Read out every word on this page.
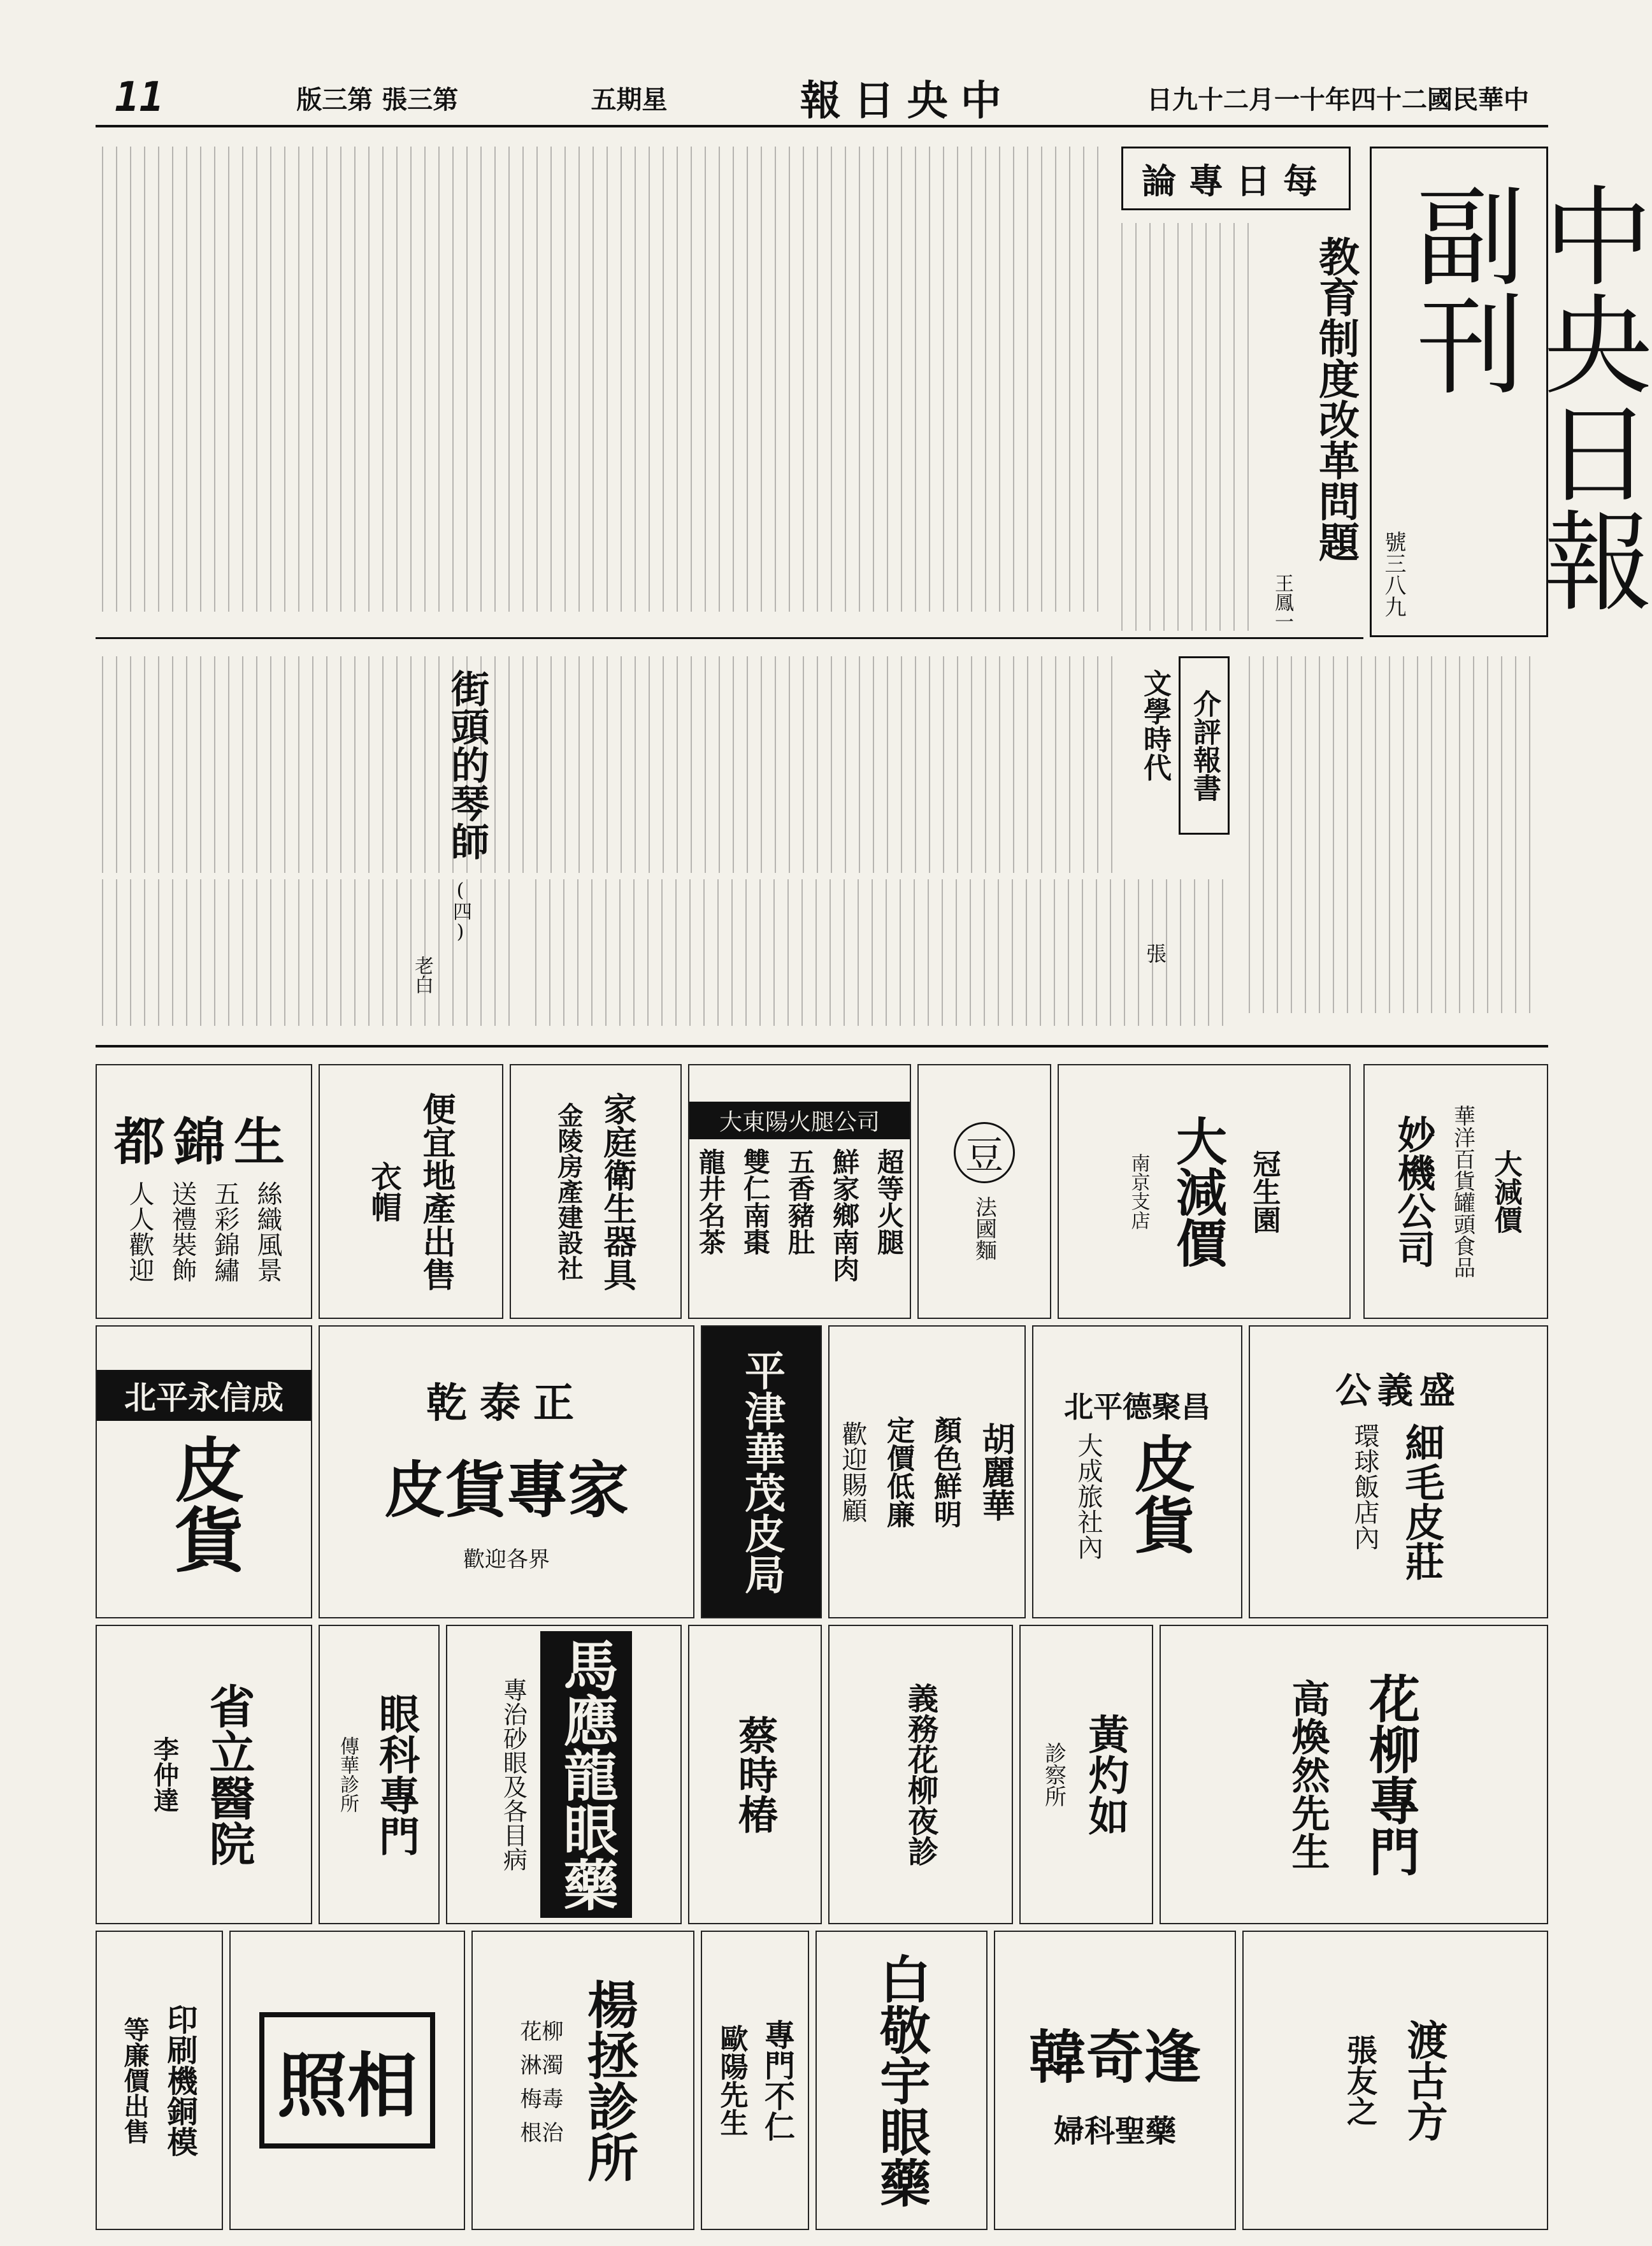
11	版三第 張三第	五期星	報日央中	日九十二月一十年四十二國民華中
中央日報副刊
號三八九
論專日每
教育制度改革問題
王鳳一
介評報書
文學時代
張
街頭的琴師
(四)
老白
妙機公司 華洋百貨罐頭食品 大減價
冠生園
大減價
南京支店
豆
法國麵
大東陽火腿公司
超等火腿
鮮家鄉南肉
五香豬肚
雙仁南棗
龍井名茶
家庭衛生器具
金陵房產建設社
便宜地產出售
衣帽
都錦生
絲織風景
五彩錦繡
送禮裝飾
人人歡迎
公義盛
細毛皮莊
環球飯店內
北平德聚昌
皮貨
大成旅社內
胡麗華
顏色鮮明
定價低廉
歡迎賜顧
平津華茂皮局
乾泰正
皮貨專家
歡迎各界
北平永信成
皮貨
花柳專門
高煥然先生
黃灼如
診察所
義務花柳夜診
蔡時椿
馬應龍眼藥
專治砂眼及各目病
眼科專門
傳華診所
省立醫院
李仲達
渡古方
張友之
韓奇逢
婦科聖藥
白敬宇眼藥
專門不仁
歐陽先生
楊拯診所
花柳
淋濁
梅毒
根治
照相
印刷機銅模
等廉價出售
